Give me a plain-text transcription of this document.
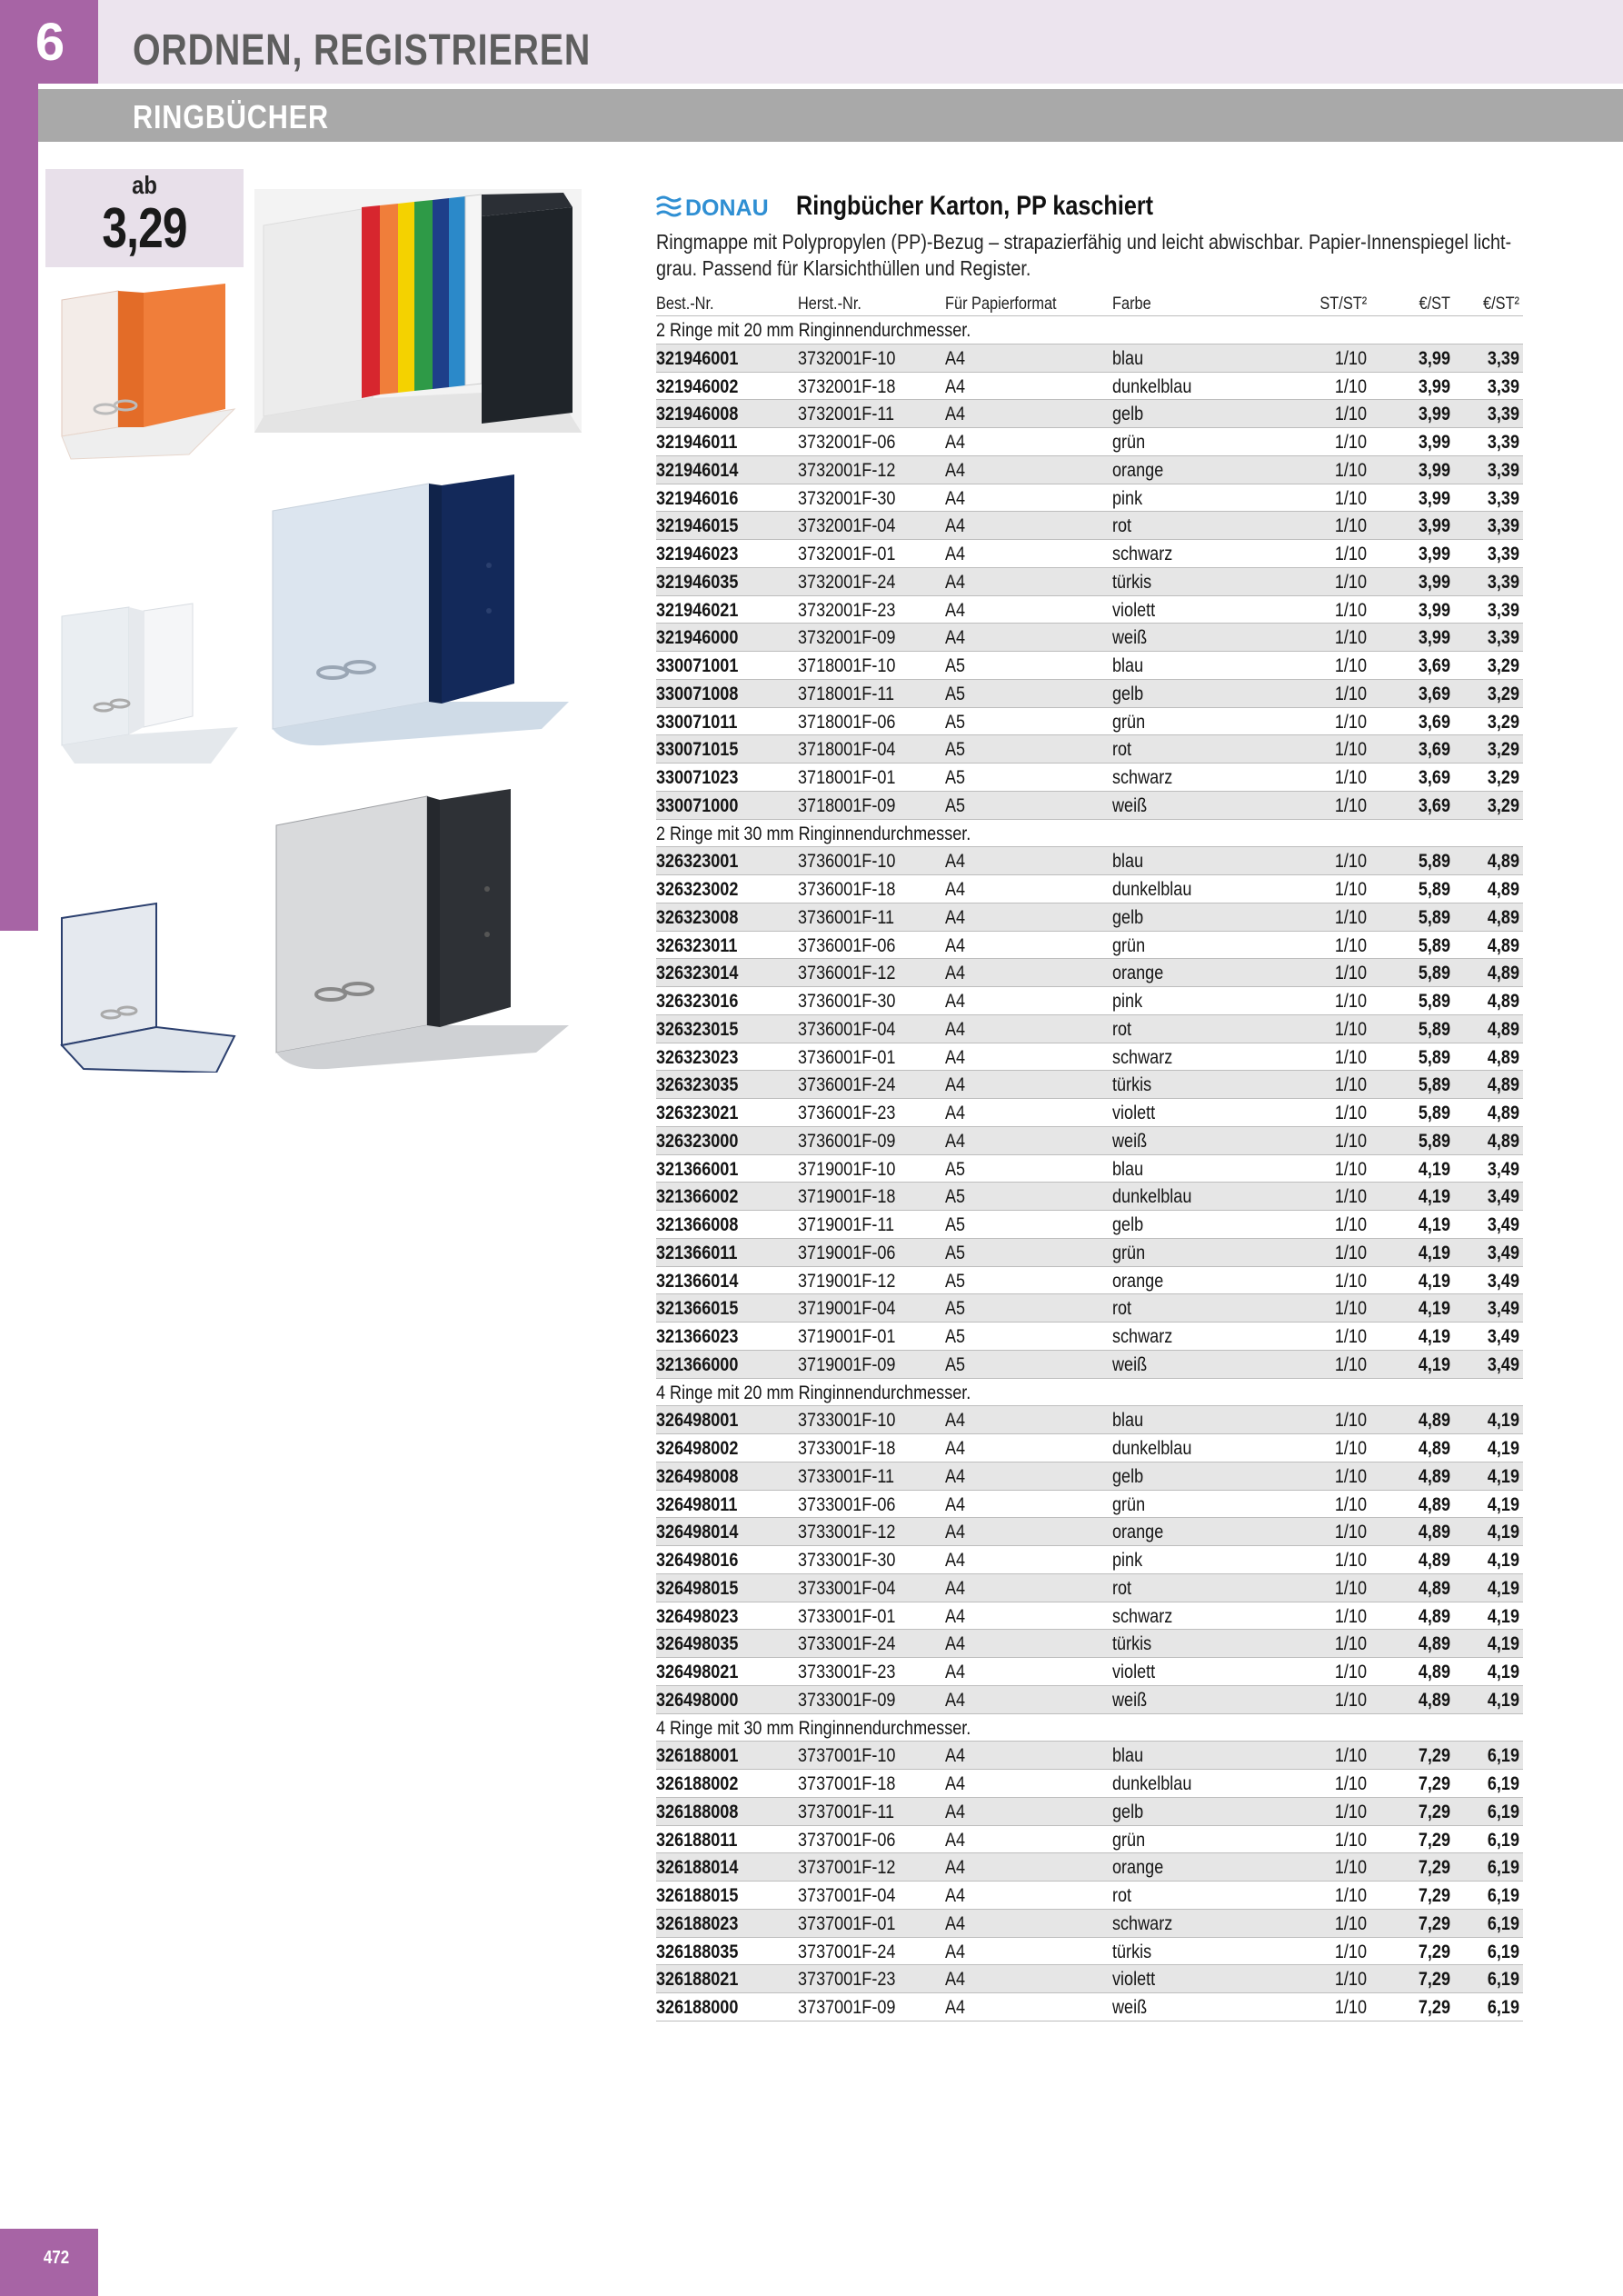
6	ORDNEN, REGISTRIEREN
RINGBÜCHER
ab
3,29	DONAU Ringbücher Karton, PP kaschiert
Ringmappe mit Polypropylen (PP)-Bezug – strapazierfähig und leicht abwischbar. Papier-Innenspiegel licht-grau. Passend für Klarsichthüllen und Register.
Best.-Nr.	Herst.-Nr.	Für Papierformat	Farbe	ST/ST²	€/ST	€/ST²
2 Ringe mit 20 mm Ringinnendurchmesser.
321946001	3732001F-10	A4	blau	1/10	3,99	3,39
321946002	3732001F-18	A4	dunkelblau	1/10	3,99	3,39
321946008	3732001F-11	A4	gelb	1/10	3,99	3,39
321946011	3732001F-06	A4	grün	1/10	3,99	3,39
321946014	3732001F-12	A4	orange	1/10	3,99	3,39
321946016	3732001F-30	A4	pink	1/10	3,99	3,39
321946015	3732001F-04	A4	rot	1/10	3,99	3,39
321946023	3732001F-01	A4	schwarz	1/10	3,99	3,39
321946035	3732001F-24	A4	türkis	1/10	3,99	3,39
321946021	3732001F-23	A4	violett	1/10	3,99	3,39
321946000	3732001F-09	A4	weiß	1/10	3,99	3,39
330071001	3718001F-10	A5	blau	1/10	3,69	3,29
330071008	3718001F-11	A5	gelb	1/10	3,69	3,29
330071011	3718001F-06	A5	grün	1/10	3,69	3,29
330071015	3718001F-04	A5	rot	1/10	3,69	3,29
330071023	3718001F-01	A5	schwarz	1/10	3,69	3,29
330071000	3718001F-09	A5	weiß	1/10	3,69	3,29
2 Ringe mit 30 mm Ringinnendurchmesser.
326323001	3736001F-10	A4	blau	1/10	5,89	4,89
326323002	3736001F-18	A4	dunkelblau	1/10	5,89	4,89
326323008	3736001F-11	A4	gelb	1/10	5,89	4,89
326323011	3736001F-06	A4	grün	1/10	5,89	4,89
326323014	3736001F-12	A4	orange	1/10	5,89	4,89
326323016	3736001F-30	A4	pink	1/10	5,89	4,89
326323015	3736001F-04	A4	rot	1/10	5,89	4,89
326323023	3736001F-01	A4	schwarz	1/10	5,89	4,89
326323035	3736001F-24	A4	türkis	1/10	5,89	4,89
326323021	3736001F-23	A4	violett	1/10	5,89	4,89
326323000	3736001F-09	A4	weiß	1/10	5,89	4,89
321366001	3719001F-10	A5	blau	1/10	4,19	3,49
321366002	3719001F-18	A5	dunkelblau	1/10	4,19	3,49
321366008	3719001F-11	A5	gelb	1/10	4,19	3,49
321366011	3719001F-06	A5	grün	1/10	4,19	3,49
321366014	3719001F-12	A5	orange	1/10	4,19	3,49
321366015	3719001F-04	A5	rot	1/10	4,19	3,49
321366023	3719001F-01	A5	schwarz	1/10	4,19	3,49
321366000	3719001F-09	A5	weiß	1/10	4,19	3,49
4 Ringe mit 20 mm Ringinnendurchmesser.
326498001	3733001F-10	A4	blau	1/10	4,89	4,19
326498002	3733001F-18	A4	dunkelblau	1/10	4,89	4,19
326498008	3733001F-11	A4	gelb	1/10	4,89	4,19
326498011	3733001F-06	A4	grün	1/10	4,89	4,19
326498014	3733001F-12	A4	orange	1/10	4,89	4,19
326498016	3733001F-30	A4	pink	1/10	4,89	4,19
326498015	3733001F-04	A4	rot	1/10	4,89	4,19
326498023	3733001F-01	A4	schwarz	1/10	4,89	4,19
326498035	3733001F-24	A4	türkis	1/10	4,89	4,19
326498021	3733001F-23	A4	violett	1/10	4,89	4,19
326498000	3733001F-09	A4	weiß	1/10	4,89	4,19
4 Ringe mit 30 mm Ringinnendurchmesser.
326188001	3737001F-10	A4	blau	1/10	7,29	6,19
326188002	3737001F-18	A4	dunkelblau	1/10	7,29	6,19
326188008	3737001F-11	A4	gelb	1/10	7,29	6,19
326188011	3737001F-06	A4	grün	1/10	7,29	6,19
326188014	3737001F-12	A4	orange	1/10	7,29	6,19
326188015	3737001F-04	A4	rot	1/10	7,29	6,19
326188023	3737001F-01	A4	schwarz	1/10	7,29	6,19
326188035	3737001F-24	A4	türkis	1/10	7,29	6,19
326188021	3737001F-23	A4	violett	1/10	7,29	6,19
326188000	3737001F-09	A4	weiß	1/10	7,29	6,19
472
